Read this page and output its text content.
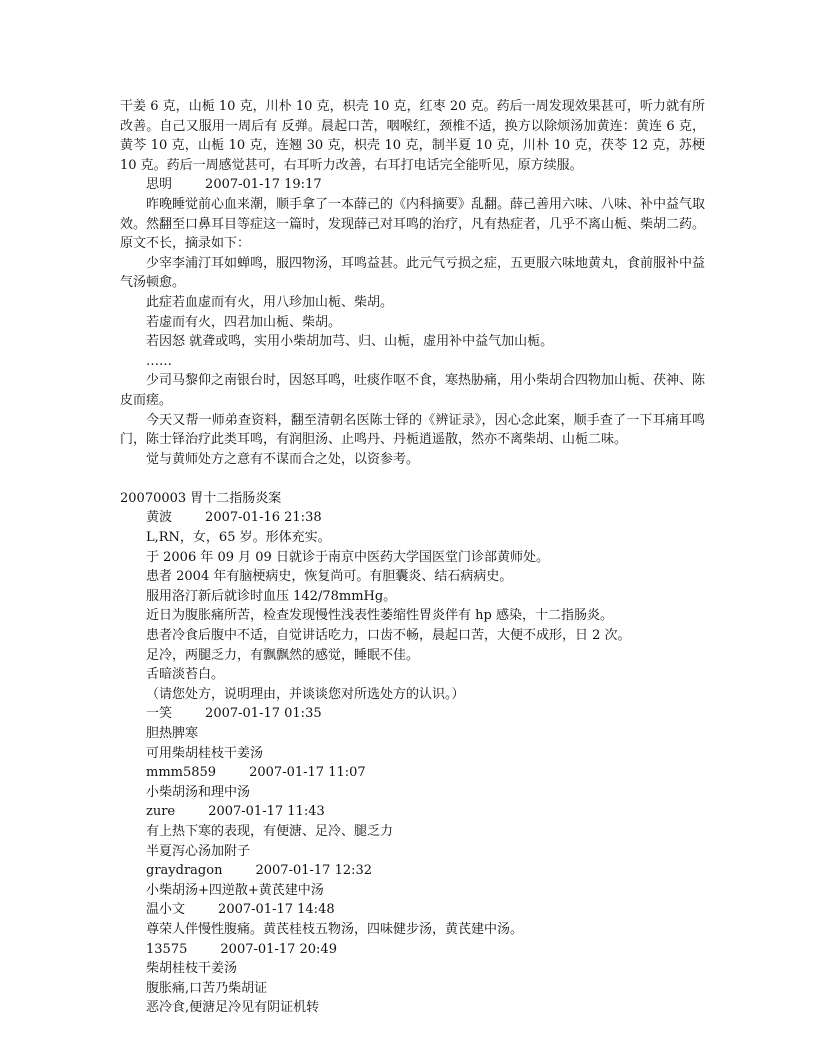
干姜 6 克，山栀 10 克，川朴 10 克，枳壳 10 克，红枣 20 克。药后一周发现效果甚可，听力就有所改善。自己又服用一周后有 反弹。晨起口苦，咽喉红，颈椎不适，换方以除烦汤加黄连：黄连 6 克，黄芩 10 克，山栀 10 克，连翘 30 克，枳壳 10 克，制半夏 10 克，川朴 10 克，茯苓 12 克，苏梗 10 克。药后一周感觉甚可，右耳听力改善，右耳打电话完全能听见，原方续服。

思明        2007-01-17 19:17

昨晚睡觉前心血来潮，顺手拿了一本薛己的《内科摘要》乱翻。薛己善用六味、八味、补中益气取效。然翻至口鼻耳目等症这一篇时，发现薛己对耳鸣的治疗，凡有热症者，几乎不离山栀、柴胡二药。原文不长，摘录如下：

少宰李浦汀耳如蝉鸣，服四物汤，耳鸣益甚。此元气亏损之症，五更服六味地黄丸，食前服补中益气汤顿愈。

此症若血虚而有火，用八珍加山栀、柴胡。

若虚而有火，四君加山栀、柴胡。

若因怒 就聋或鸣，实用小柴胡加芎、归、山栀，虚用补中益气加山栀。

……

少司马黎仰之南银台时，因怒耳鸣，吐痰作呕不食，寒热胁痛，用小柴胡合四物加山栀、茯神、陈皮而瘥。

今天又帮一师弟查资料，翻至清朝名医陈士铎的《辨证录》，因心念此案，顺手查了一下耳痛耳鸣门，陈士铎治疗此类耳鸣，有润胆汤、止鸣丹、丹栀逍遥散，然亦不离柴胡、山栀二味。

觉与黄师处方之意有不谋而合之处，以资参考。

20070003 胃十二指肠炎案

黄波        2007-01-16 21:38

L,RN，女，65 岁。形体充实。

于 2006 年 09 月 09 日就诊于南京中医药大学国医堂门诊部黄师处。

患者 2004 年有脑梗病史，恢复尚可。有胆囊炎、结石病病史。

服用洛汀新后就诊时血压 142/78mmHg。

近日为腹胀痛所苦，检查发现慢性浅表性萎缩性胃炎伴有 hp 感染，十二指肠炎。

患者冷食后腹中不适，自觉讲话吃力，口齿不畅，晨起口苦，大便不成形，日 2 次。

足冷，两腿乏力，有飘飘然的感觉，睡眠不佳。

舌暗淡苔白。

（请您处方，说明理由，并谈谈您对所选处方的认识。）

一笑        2007-01-17 01:35

胆热脾寒

可用柴胡桂枝干姜汤

mmm5859        2007-01-17 11:07

小柴胡汤和理中汤

zure        2007-01-17 11:43

有上热下寒的表现，有便溏、足冷、腿乏力

半夏泻心汤加附子

graydragon        2007-01-17 12:32

小柴胡汤+四逆散+黄芪建中汤

温小文        2007-01-17 14:48

尊荣人伴慢性腹痛。黄芪桂枝五物汤，四味健步汤，黄芪建中汤。

13575        2007-01-17 20:49

柴胡桂枝干姜汤

腹胀痛,口苦乃柴胡证

恶冷食,便溏足冷见有阴证机转
